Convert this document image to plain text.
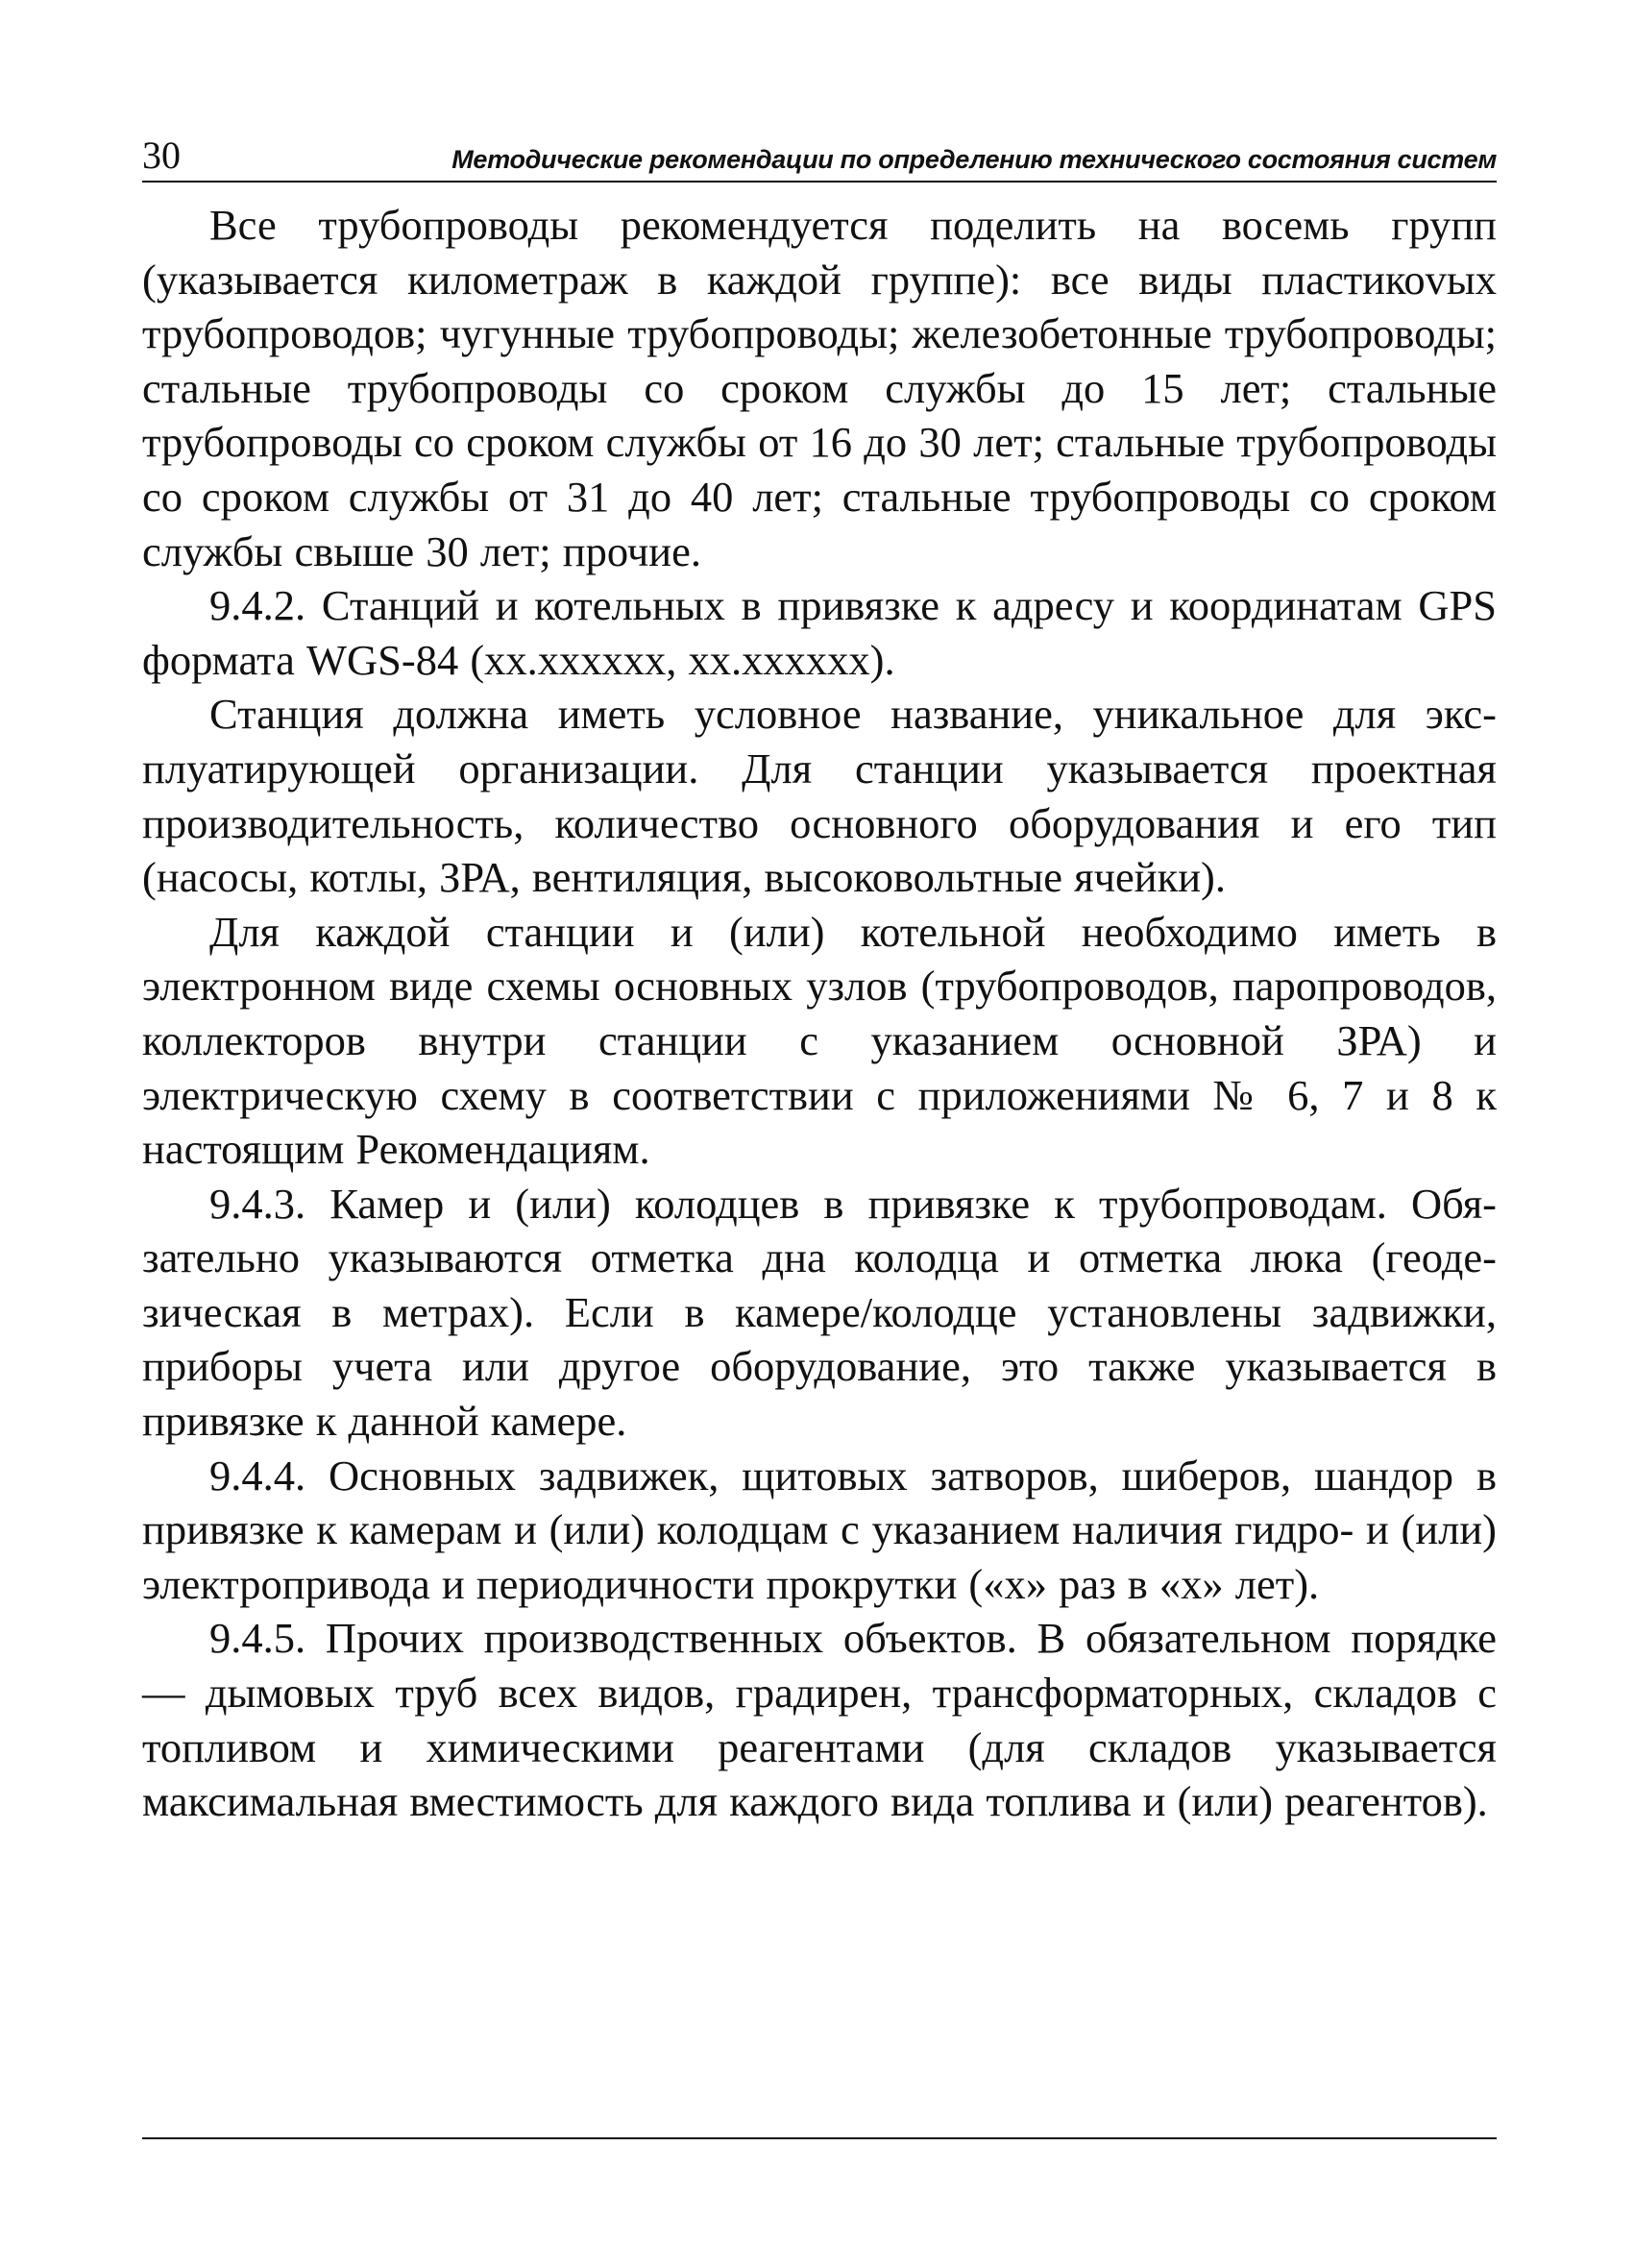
30	Методические рекомендации по определению технического состояния систем

Все трубопроводы рекомендуется поделить на восемь групп (указывается километраж в каждой группе): все виды пластикоvых трубопроводов; чугунные трубопроводы; железобетонные трубопроводы; стальные трубопроводы со сроком службы до 15 лет; стальные трубопроводы со сроком службы от 16 до 30 лет; стальные трубопроводы со сроком службы от 31 до 40 лет; стальные трубопроводы со сроком службы свыше 30 лет; прочие.

9.4.2. Станций и котельных в привязке к адресу и координатам GPS формата WGS-84 (xx.xxxxxx, xx.xxxxxx).

Станция должна иметь условное название, уникальное для эксплуатирующей организации. Для станции указывается проектная производительность, количество основного оборудования и его тип (насосы, котлы, ЗРА, вентиляция, высоковольтные ячейки).

Для каждой станции и (или) котельной необходимо иметь в электронном виде схемы основных узлов (трубопроводов, паропроводов, коллекторов внутри станции с указанием основной ЗРА) и электрическую схему в соответствии с приложениями № 6, 7 и 8 к настоящим Рекомендациям.

9.4.3. Камер и (или) колодцев в привязке к трубопроводам. Обязательно указываются отметка дна колодца и отметка люка (геодезическая в метрах). Если в камере/колодце установлены задвижки, приборы учета или другое оборудование, это также указывается в привязке к данной камере.

9.4.4. Основных задвижек, щитовых затворов, шиберов, шандор в привязке к камерам и (или) колодцам с указанием наличия гидро- и (или) электропривода и периодичности прокрутки («x» раз в «x» лет).

9.4.5. Прочих производственных объектов. В обязательном порядке — дымовых труб всех видов, градирен, трансформаторных, складов с топливом и химическими реагентами (для складов указывается максимальная вместимость для каждого вида топлива и (или) реагентов).
